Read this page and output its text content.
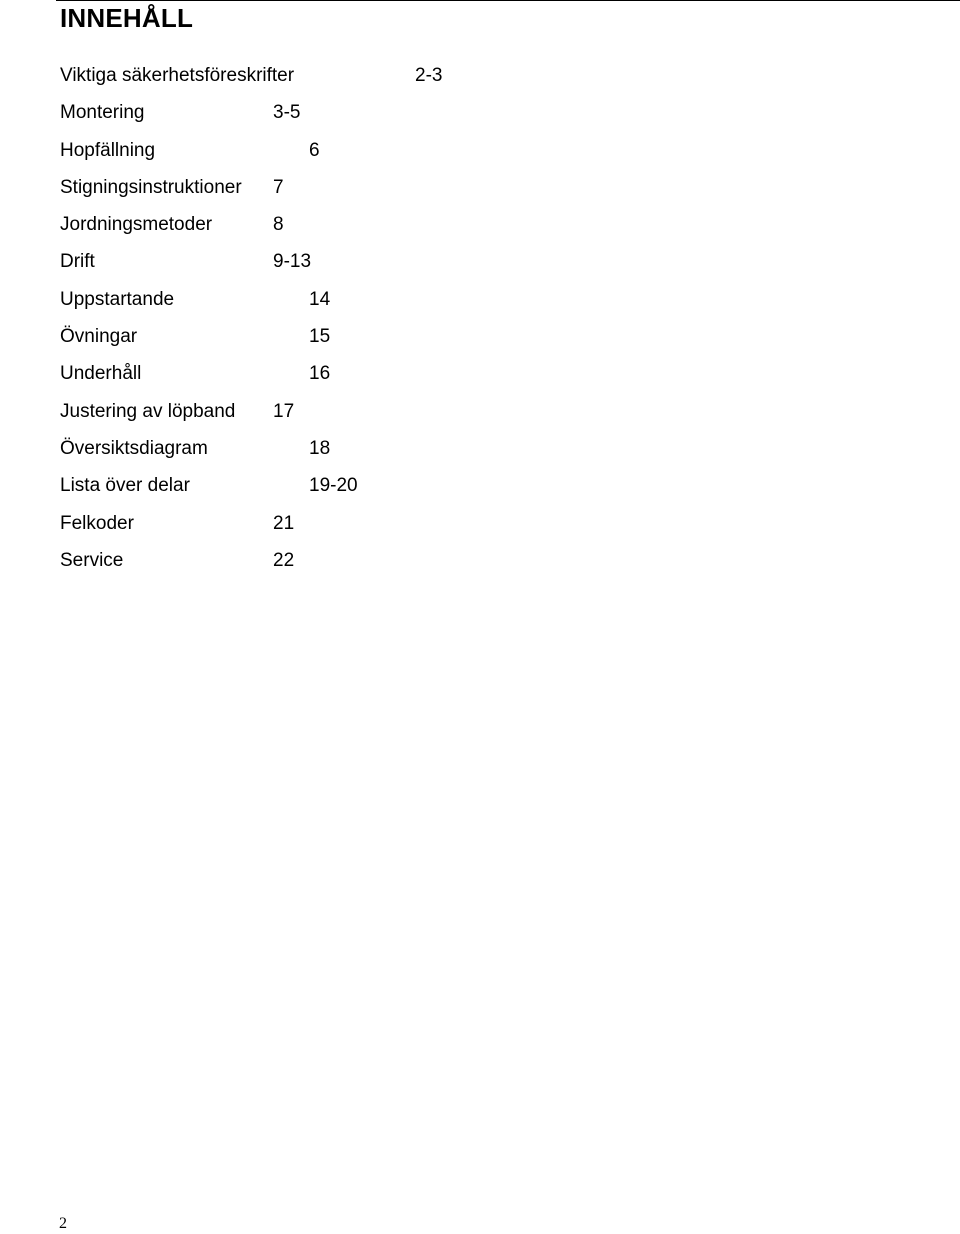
INNEHÅLL
Viktiga säkerhetsföreskrifter	2-3
Montering	3-5
Hopfällning	6
Stigningsinstruktioner 7
Jordningsmetoder	8
Drift	9-13
Uppstartande	14
Övningar	15
Underhåll	16
Justering av löpband 17
Översiktsdiagram	18
Lista över delar	19-20
Felkoder	21
Service	22
2
